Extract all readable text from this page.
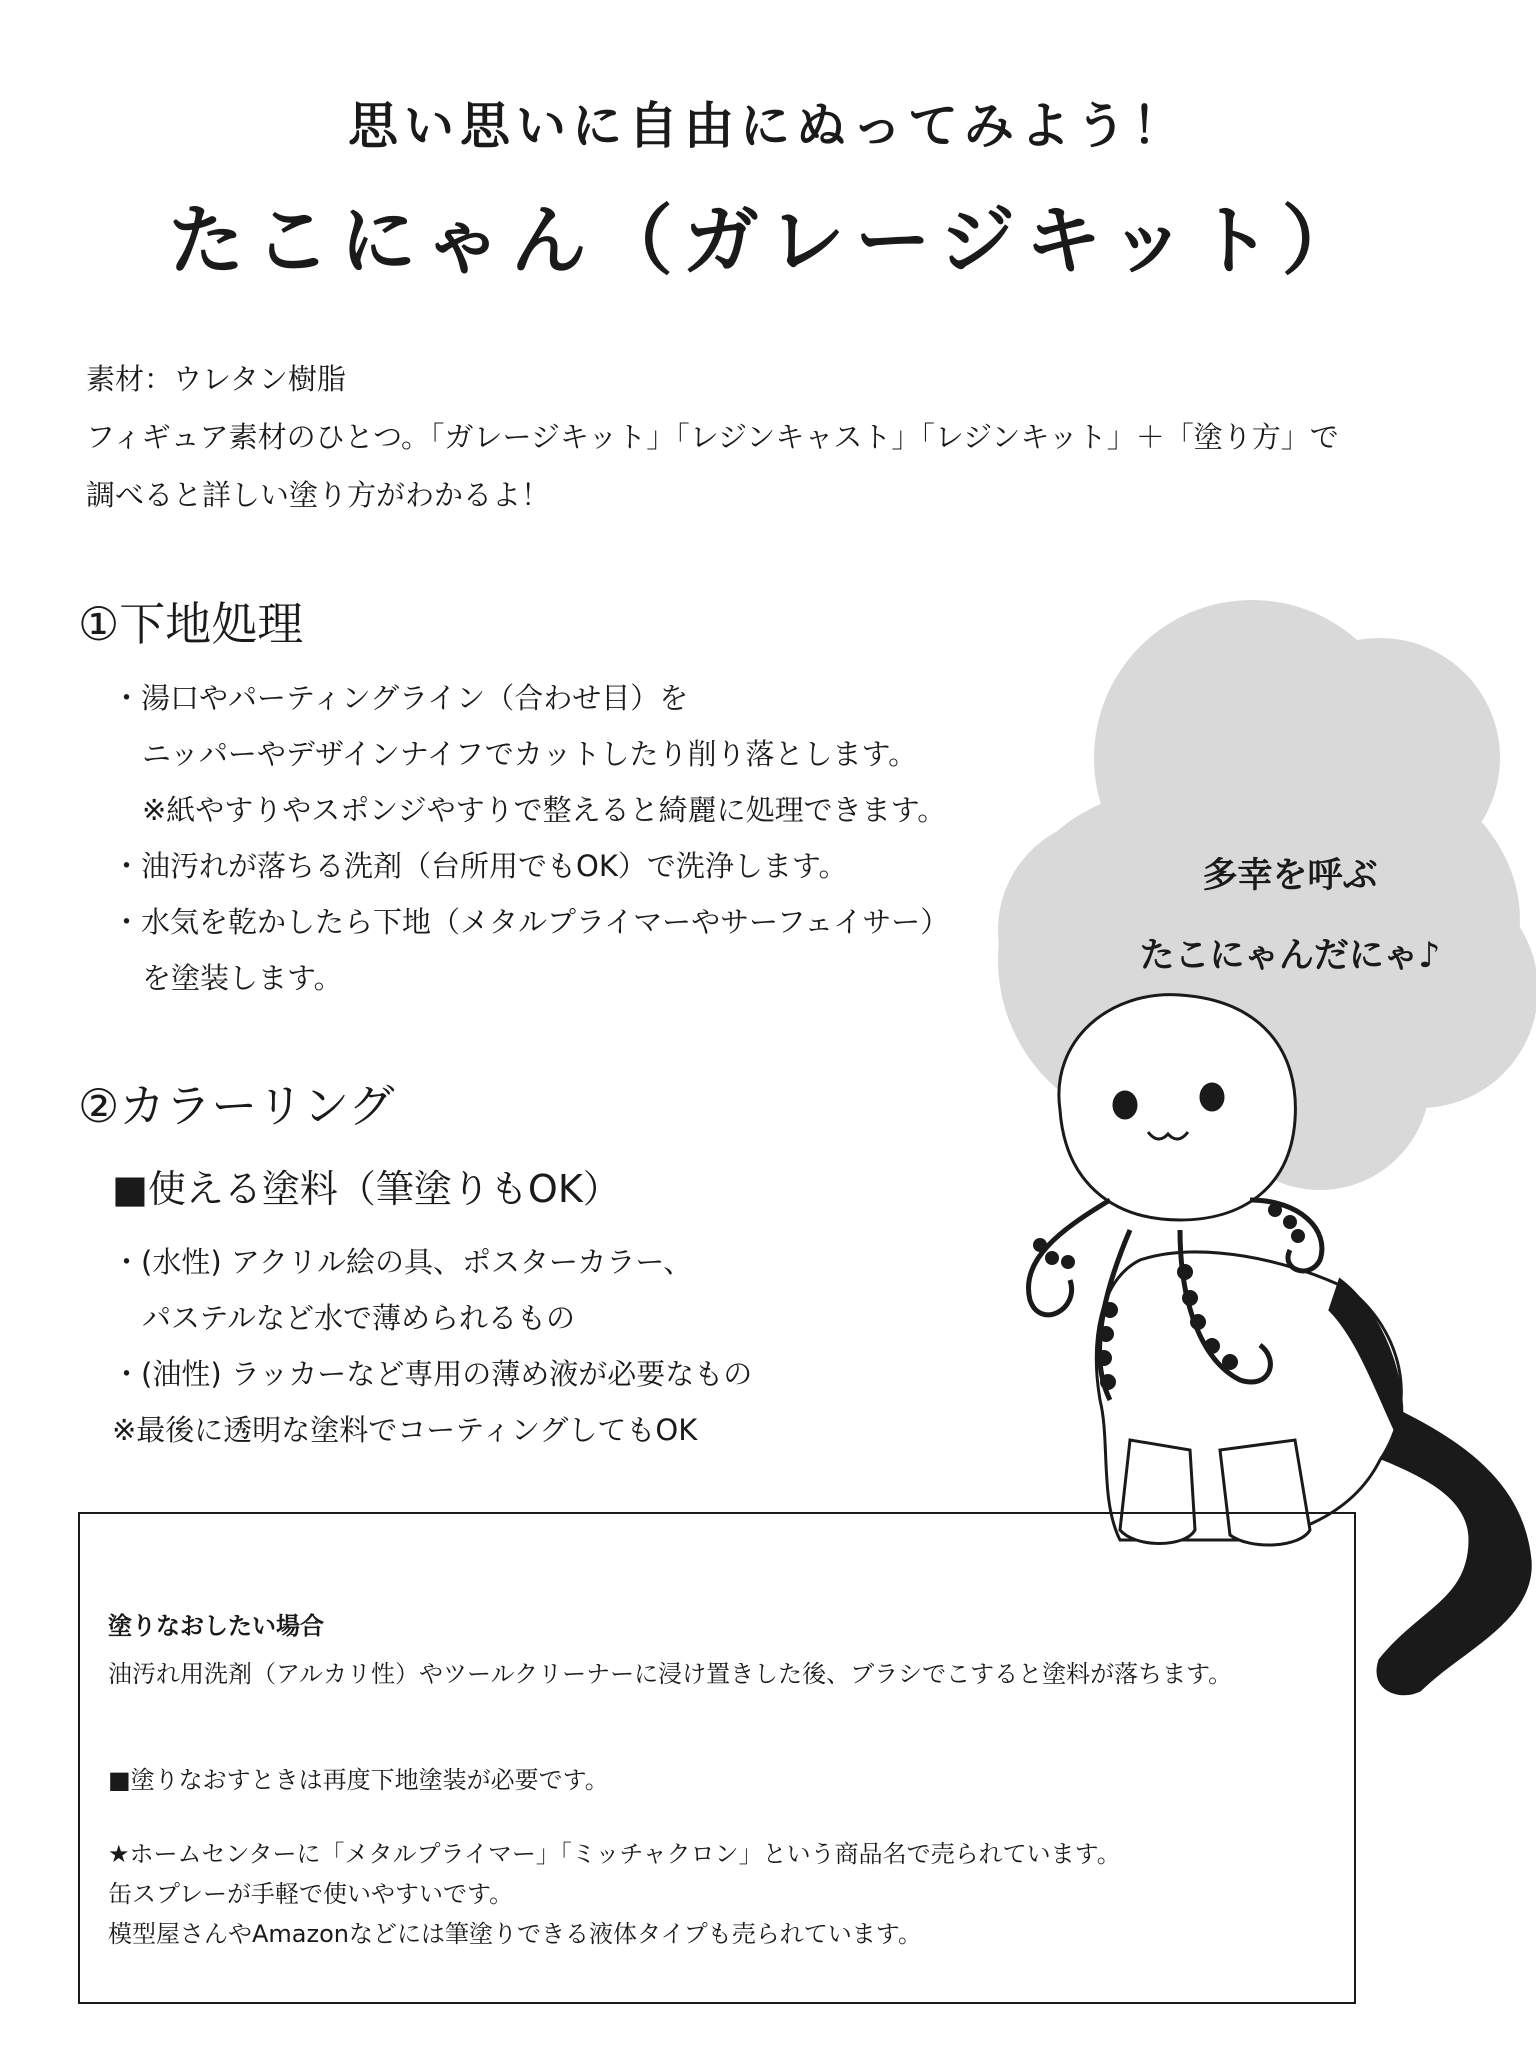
思い思いに自由にぬってみよう！
たこにゃん（ガレージキット）
素材：ウレタン樹脂
フィギュア素材のひとつ。「ガレージキット」「レジンキャスト」「レジンキット」＋「塗り方」で
調べると詳しい塗り方がわかるよ！
①下地処理
・湯口やパーティングライン（合わせ目）を
ニッパーやデザインナイフでカットしたり削り落とします。
※紙やすりやスポンジやすりで整えると綺麗に処理できます。
・油汚れが落ちる洗剤（台所用でもOK）で洗浄します。
・水気を乾かしたら下地（メタルプライマーやサーフェイサー）
を塗装します。
②カラーリング
■使える塗料（筆塗りもOK）
・(水性) アクリル絵の具、ポスターカラー、
パステルなど水で薄められるもの
・(油性) ラッカーなど専用の薄め液が必要なもの
※最後に透明な塗料でコーティングしてもOK
多幸を呼ぶ
たこにゃんだにゃ♪
塗りなおしたい場合
油汚れ用洗剤（アルカリ性）やツールクリーナーに浸け置きした後、ブラシでこすると塗料が落ちます。
■塗りなおすときは再度下地塗装が必要です。
★ホームセンターに「メタルプライマー」「ミッチャクロン」という商品名で売られています。
缶スプレーが手軽で使いやすいです。
模型屋さんやAmazonなどには筆塗りできる液体タイプも売られています。
